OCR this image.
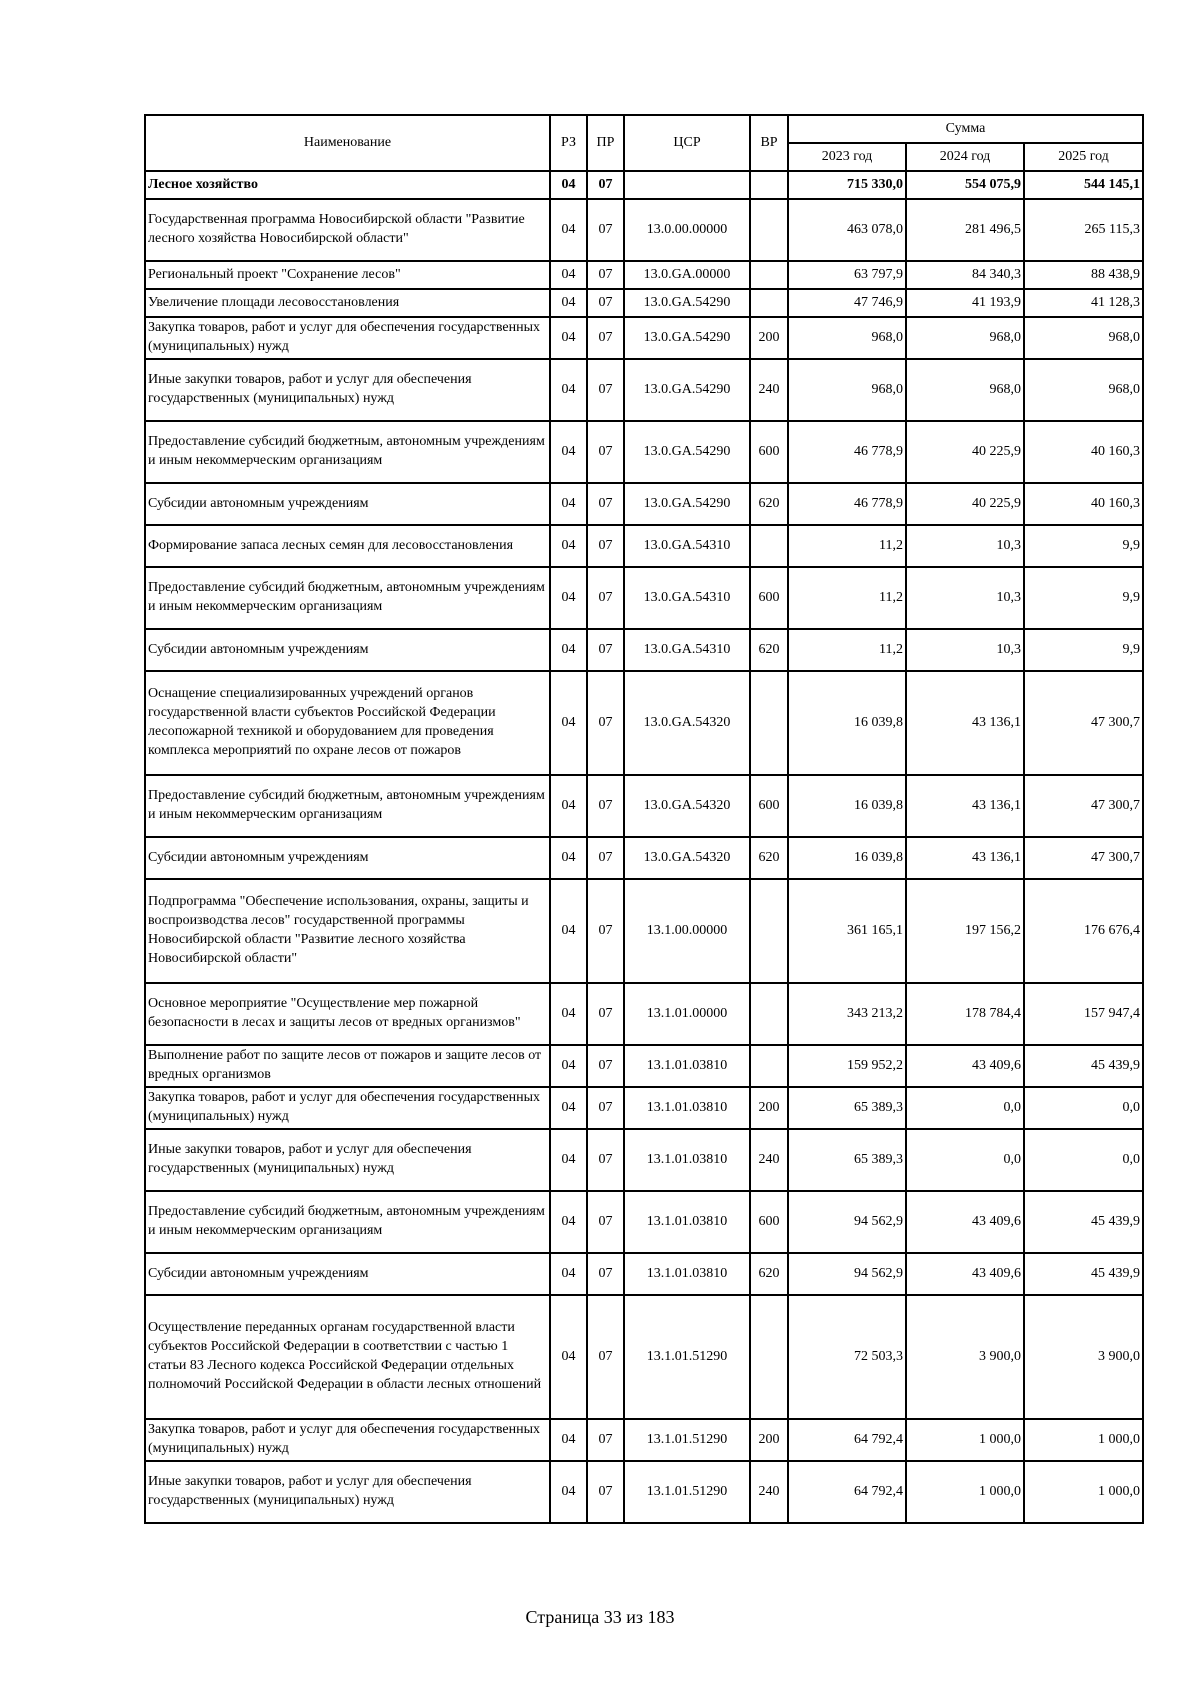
Наименование	РЗ	ПР	ЦСР	ВР	Сумма		
					2023 год	2024 год	2025 год
Лесное хозяйство	04	07			715 330,0	554 075,9	544 145,1
Государственная программа Новосибирской области "Развитие лесного хозяйства Новосибирской области"	04	07	13.0.00.00000		463 078,0	281 496,5	265 115,3
Региональный проект "Сохранение лесов"	04	07	13.0.GA.00000		63 797,9	84 340,3	88 438,9
Увеличение площади лесовосстановления	04	07	13.0.GA.54290		47 746,9	41 193,9	41 128,3
Закупка товаров, работ и услуг для обеспечения государственных (муниципальных) нужд	04	07	13.0.GA.54290	200	968,0	968,0	968,0
Иные закупки товаров, работ и услуг для обеспечения государственных (муниципальных) нужд	04	07	13.0.GA.54290	240	968,0	968,0	968,0
Предоставление субсидий бюджетным, автономным учреждениям и иным некоммерческим организациям	04	07	13.0.GA.54290	600	46 778,9	40 225,9	40 160,3
Субсидии автономным учреждениям	04	07	13.0.GA.54290	620	46 778,9	40 225,9	40 160,3
Формирование запаса лесных семян для лесовосстановления	04	07	13.0.GA.54310		11,2	10,3	9,9
Предоставление субсидий бюджетным, автономным учреждениям и иным некоммерческим организациям	04	07	13.0.GA.54310	600	11,2	10,3	9,9
Субсидии автономным учреждениям	04	07	13.0.GA.54310	620	11,2	10,3	9,9
Оснащение специализированных учреждений органов государственной власти субъектов Российской Федерации лесопожарной техникой и оборудованием для проведения комплекса мероприятий по охране лесов от пожаров	04	07	13.0.GA.54320		16 039,8	43 136,1	47 300,7
Предоставление субсидий бюджетным, автономным учреждениям и иным некоммерческим организациям	04	07	13.0.GA.54320	600	16 039,8	43 136,1	47 300,7
Субсидии автономным учреждениям	04	07	13.0.GA.54320	620	16 039,8	43 136,1	47 300,7
Подпрограмма "Обеспечение использования, охраны, защиты и воспроизводства лесов" государственной программы Новосибирской области "Развитие лесного хозяйства Новосибирской области"	04	07	13.1.00.00000		361 165,1	197 156,2	176 676,4
Основное мероприятие "Осуществление мер пожарной безопасности в лесах и защиты лесов от вредных организмов"	04	07	13.1.01.00000		343 213,2	178 784,4	157 947,4
Выполнение работ по защите лесов от пожаров и защите лесов от вредных организмов	04	07	13.1.01.03810		159 952,2	43 409,6	45 439,9
Закупка товаров, работ и услуг для обеспечения государственных (муниципальных) нужд	04	07	13.1.01.03810	200	65 389,3	0,0	0,0
Иные закупки товаров, работ и услуг для обеспечения государственных (муниципальных) нужд	04	07	13.1.01.03810	240	65 389,3	0,0	0,0
Предоставление субсидий бюджетным, автономным учреждениям и иным некоммерческим организациям	04	07	13.1.01.03810	600	94 562,9	43 409,6	45 439,9
Субсидии автономным учреждениям	04	07	13.1.01.03810	620	94 562,9	43 409,6	45 439,9
Осуществление переданных органам государственной власти субъектов Российской Федерации в соответствии с частью 1 статьи 83 Лесного кодекса Российской Федерации отдельных полномочий Российской Федерации в области лесных отношений	04	07	13.1.01.51290		72 503,3	3 900,0	3 900,0
Закупка товаров, работ и услуг для обеспечения государственных (муниципальных) нужд	04	07	13.1.01.51290	200	64 792,4	1 000,0	1 000,0
Иные закупки товаров, работ и услуг для обеспечения государственных (муниципальных) нужд	04	07	13.1.01.51290	240	64 792,4	1 000,0	1 000,0
Страница 33 из 183
